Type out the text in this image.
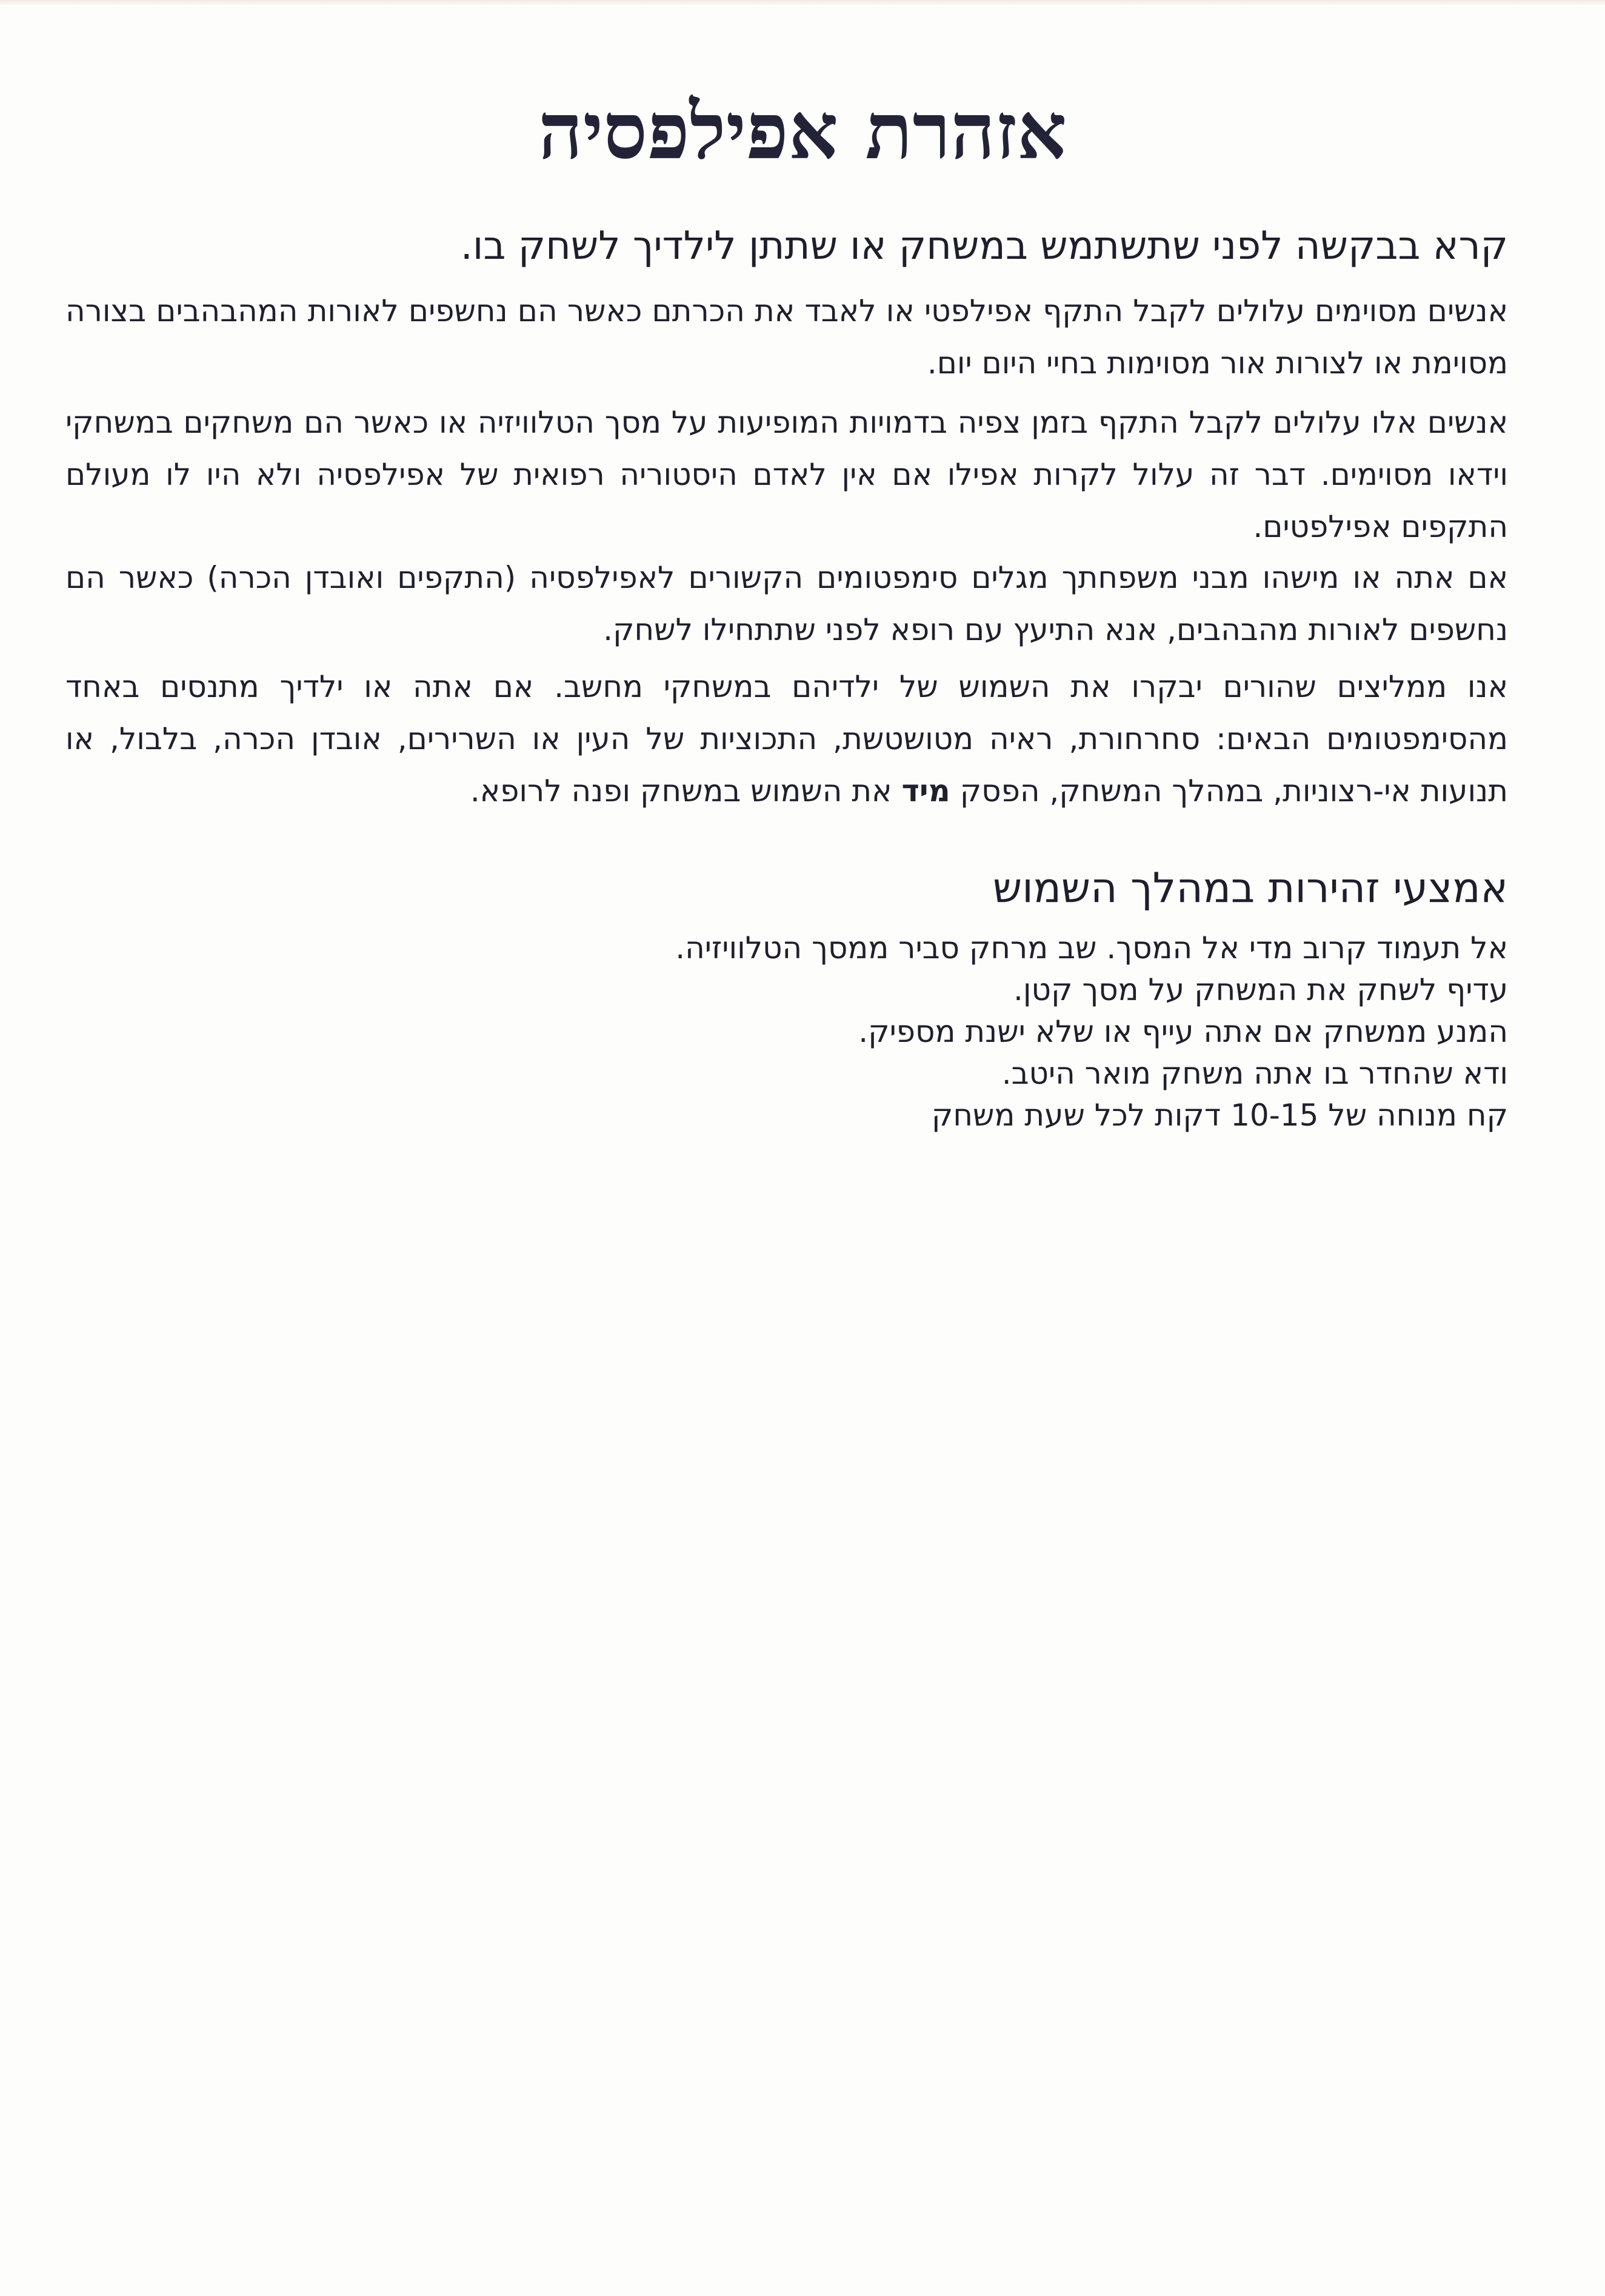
אזהרת אפילפסיה

קרא בבקשה לפני שתשתמש במשחק או שתתן לילדיך לשחק בו.

אנשים מסוימים עלולים לקבל התקף אפילפטי או לאבד את הכרתם כאשר הם נחשפים לאורות המהבהבים בצורה מסוימת או לצורות אור מסוימות בחיי היום יום.

אנשים אלו עלולים לקבל התקף בזמן צפיה בדמויות המופיעות על מסך הטלוויזיה או כאשר הם משחקים במשחקי וידאו מסוימים. דבר זה עלול לקרות אפילו אם אין לאדם היסטוריה רפואית של אפילפסיה ולא היו לו מעולם התקפים אפילפטים.

אם אתה או מישהו מבני משפחתך מגלים סימפטומים הקשורים לאפילפסיה (התקפים ואובדן הכרה) כאשר הם נחשפים לאורות מהבהבים, אנא התיעץ עם רופא לפני שתתחילו לשחק.

אנו ממליצים שהורים יבקרו את השמוש של ילדיהם במשחקי מחשב. אם אתה או ילדיך מתנסים באחד מהסימפטומים הבאים: סחרחורת, ראיה מטושטשת, התכוציות של העין או השרירים, אובדן הכרה, בלבול, או תנועות אי-רצוניות, במהלך המשחק, הפסק מיד את השמוש במשחק ופנה לרופא.

אמצעי זהירות במהלך השמוש
אל תעמוד קרוב מדי אל המסך. שב מרחק סביר ממסך הטלוויזיה.
עדיף לשחק את המשחק על מסך קטן.
המנע ממשחק אם אתה עייף או שלא ישנת מספיק.
ודא שהחדר בו אתה משחק מואר היטב.
קח מנוחה של 10-15 דקות לכל שעת משחק
